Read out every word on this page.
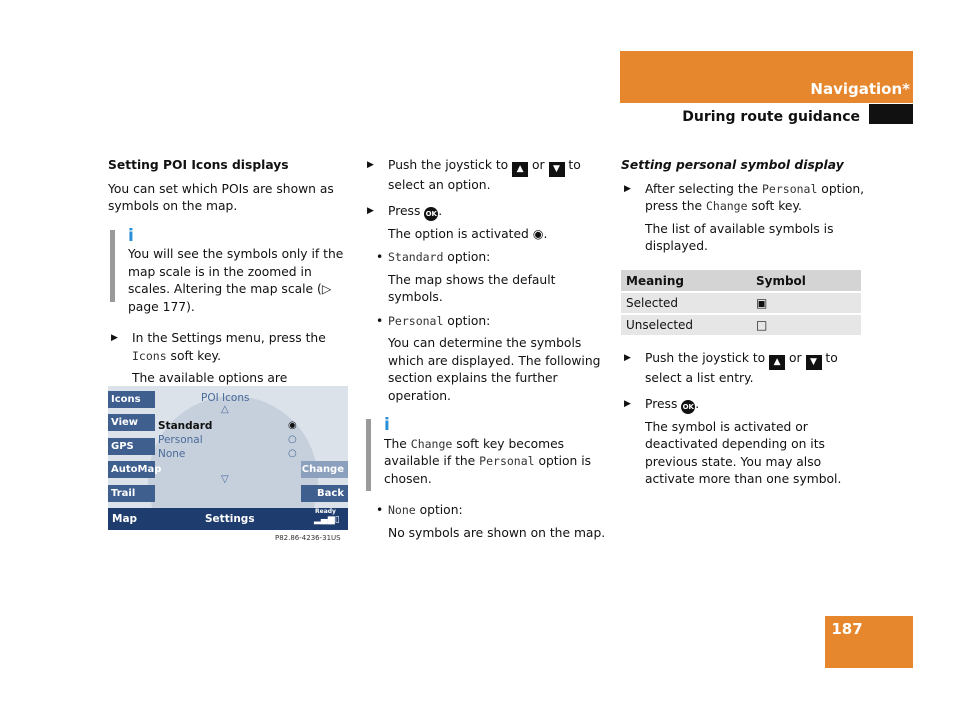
Navigation*
During route guidance

Setting POI Icons displays

You can set which POIs are shown as symbols on the map.

i
You will see the symbols only if the map scale is in the zoomed in scales. Altering the map scale (▷ page 177).
▶ In the Settings menu, press the Icons soft key.
The available options are
POI Icons
△
▽
Icons
View
GPS
AutoMap
Trail
Change
Back
Standard
Personal
None
◉
○
○
Map	Settings
Ready
▂▄▆▯
P82.86-4236-31US
▶ Push the joystick to ▲ or ▼ to select an option.
▶ Press OK.
The option is activated ◉.
• Standard option:
The map shows the default symbols.
• Personal option:
You can determine the symbols which are displayed. The following section explains the further operation.
i
The Change soft key becomes available if the Personal option is chosen.
• None option:
No symbols are shown on the map.

Setting personal symbol display

▶ After selecting the Personal option, press the Change soft key.
The list of available symbols is displayed.
Meaning	Symbol
Selected	▣
Unselected	□
▶ Push the joystick to ▲ or ▼ to select a list entry.
▶ Press OK.
The symbol is activated or deactivated depending on its previous state. You may also activate more than one symbol.
187
